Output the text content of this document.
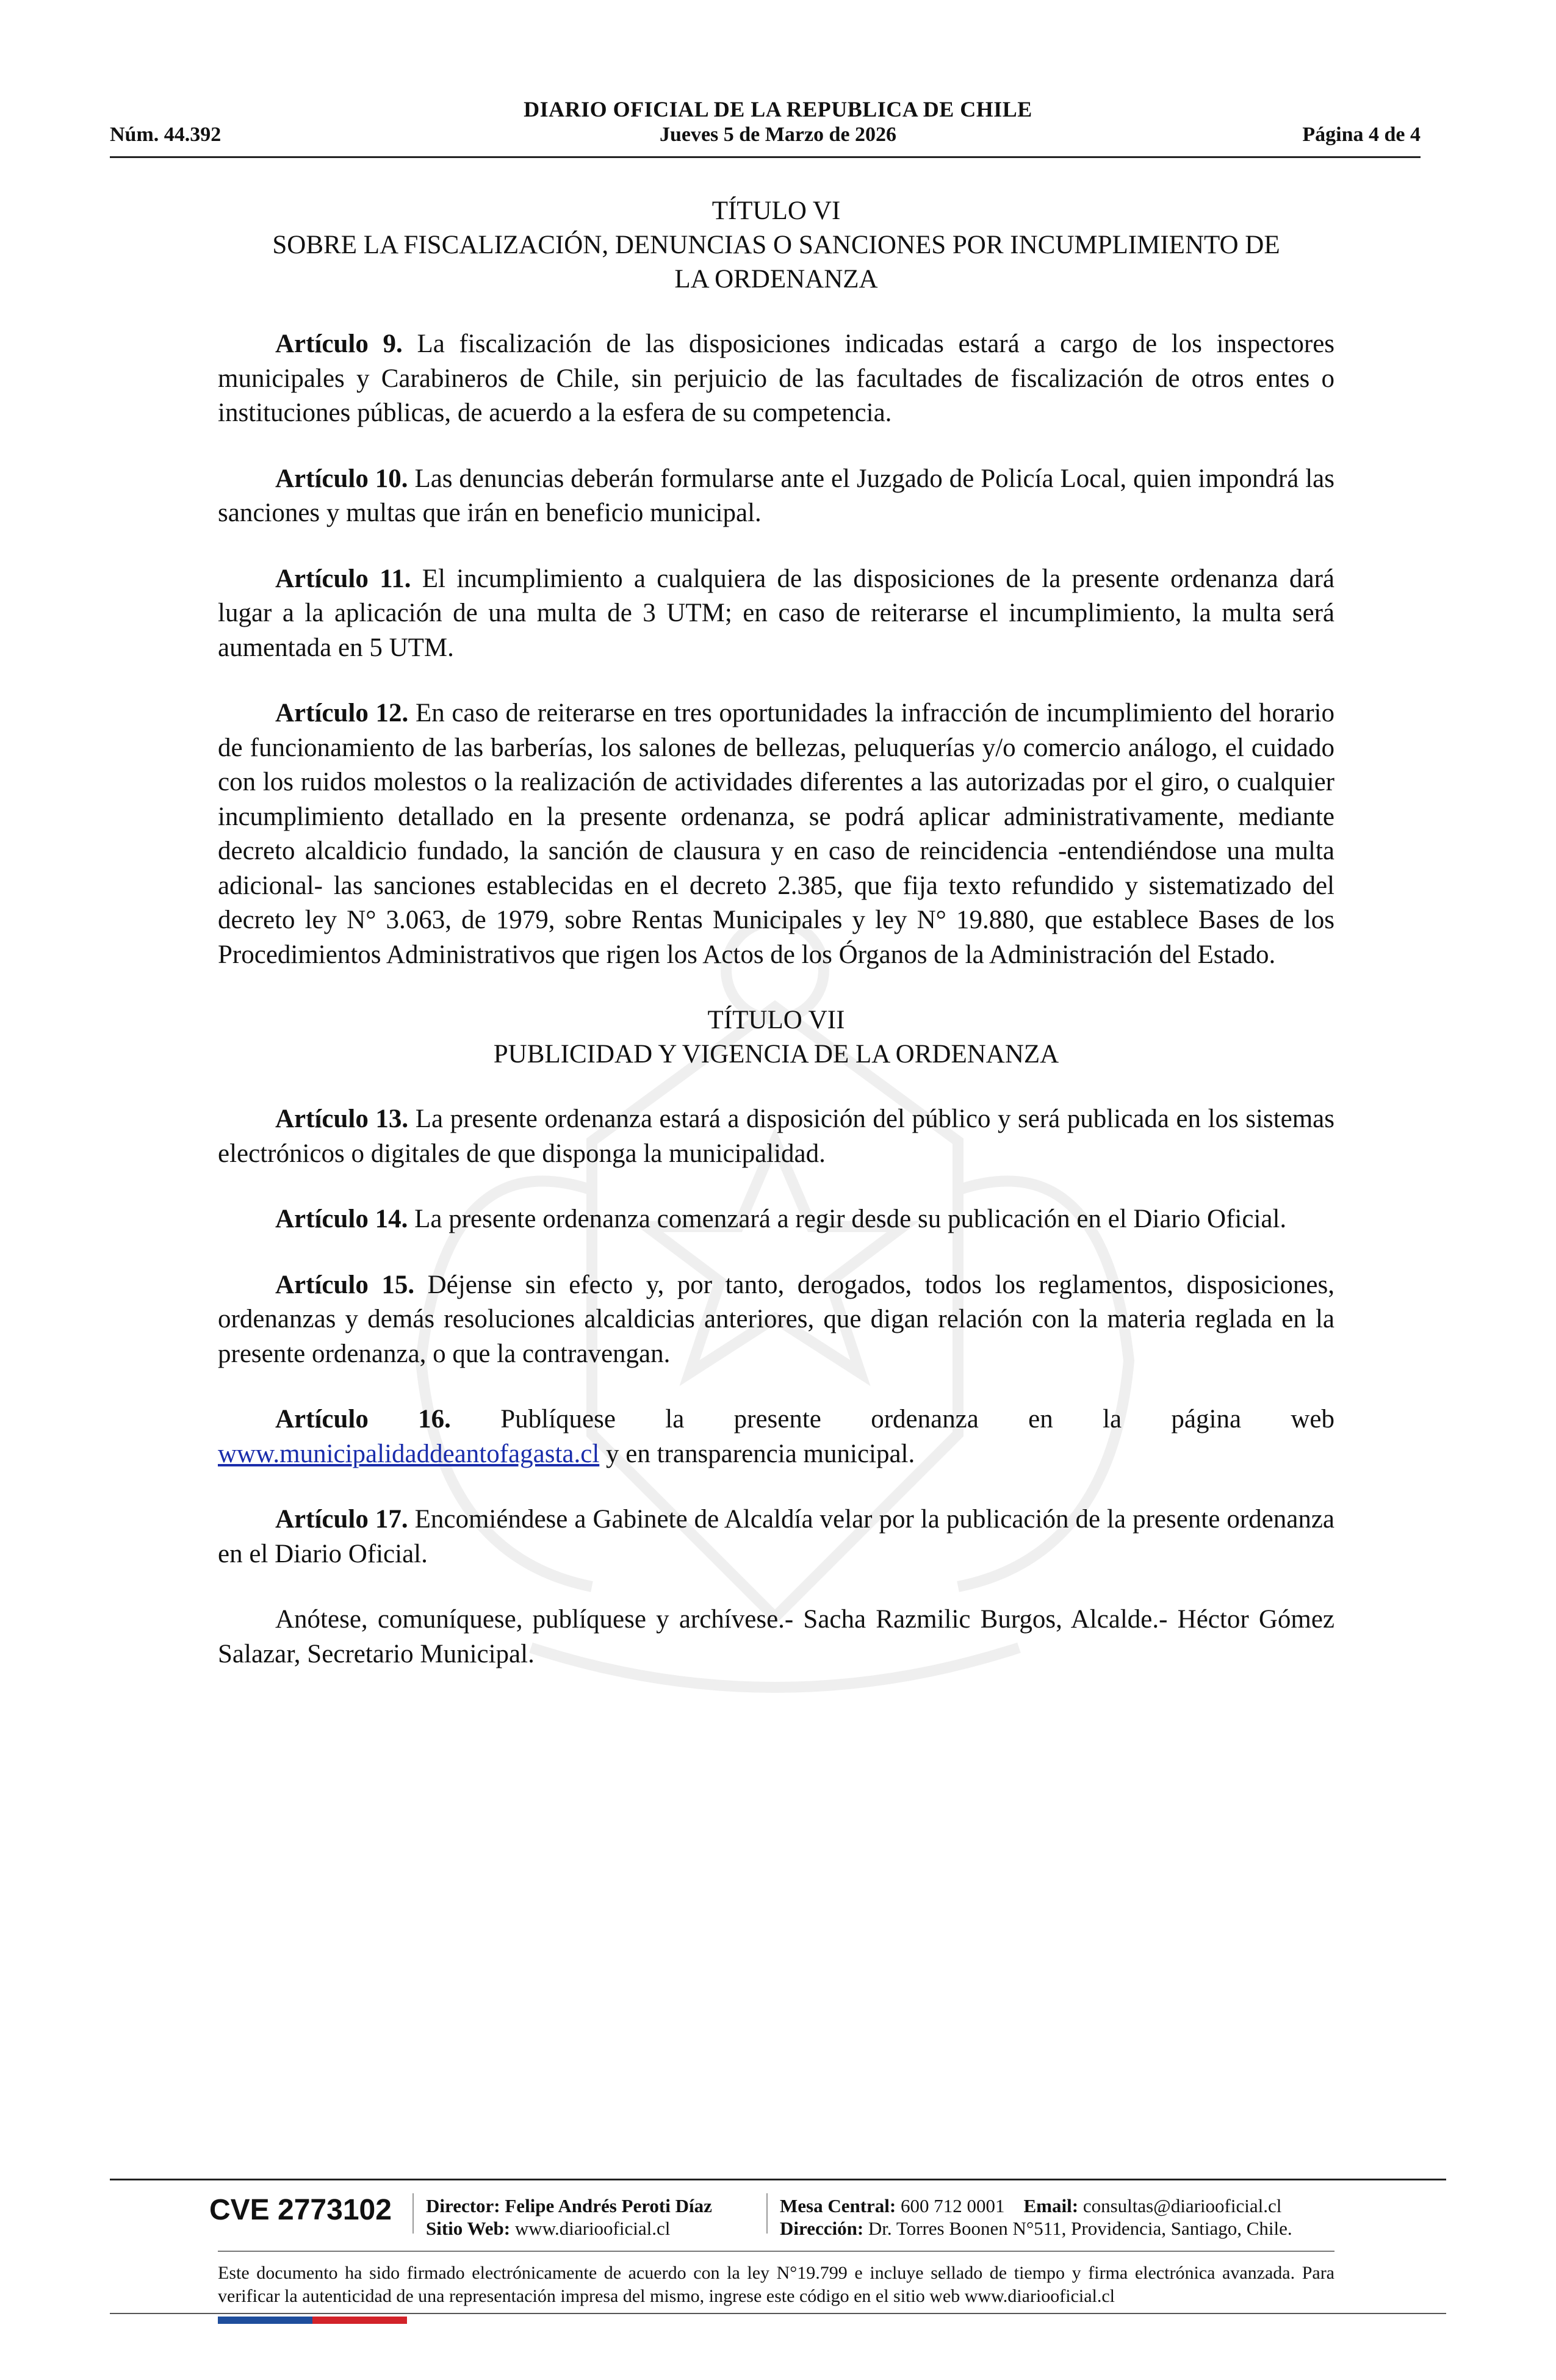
DIARIO OFICIAL DE LA REPUBLICA DE CHILE
Núm. 44.392	Jueves 5 de Marzo de 2026	Página 4 de 4
TÍTULO VI
SOBRE LA FISCALIZACIÓN, DENUNCIAS O SANCIONES POR INCUMPLIMIENTO DE
LA ORDENANZA

Artículo 9. La fiscalización de las disposiciones indicadas estará a cargo de los inspectores municipales y Carabineros de Chile, sin perjuicio de las facultades de fiscalización de otros entes o instituciones públicas, de acuerdo a la esfera de su competencia.

Artículo 10. Las denuncias deberán formularse ante el Juzgado de Policía Local, quien impondrá las sanciones y multas que irán en beneficio municipal.

Artículo 11. El incumplimiento a cualquiera de las disposiciones de la presente ordenanza dará lugar a la aplicación de una multa de 3 UTM; en caso de reiterarse el incumplimiento, la multa será aumentada en 5 UTM.

Artículo 12. En caso de reiterarse en tres oportunidades la infracción de incumplimiento del horario de funcionamiento de las barberías, los salones de bellezas, peluquerías y/o comercio análogo, el cuidado con los ruidos molestos o la realización de actividades diferentes a las autorizadas por el giro, o cualquier incumplimiento detallado en la presente ordenanza, se podrá aplicar administrativamente, mediante decreto alcaldicio fundado, la sanción de clausura y en caso de reincidencia -entendiéndose una multa adicional- las sanciones establecidas en el decreto 2.385, que fija texto refundido y sistematizado del decreto ley N° 3.063, de 1979, sobre Rentas Municipales y ley N° 19.880, que establece Bases de los Procedimientos Administrativos que rigen los Actos de los Órganos de la Administración del Estado.

TÍTULO VII
PUBLICIDAD Y VIGENCIA DE LA ORDENANZA

Artículo 13. La presente ordenanza estará a disposición del público y será publicada en los sistemas electrónicos o digitales de que disponga la municipalidad.

Artículo 14. La presente ordenanza comenzará a regir desde su publicación en el Diario Oficial.

Artículo 15. Déjense sin efecto y, por tanto, derogados, todos los reglamentos, disposiciones, ordenanzas y demás resoluciones alcaldicias anteriores, que digan relación con la materia reglada en la presente ordenanza, o que la contravengan.

Artículo 16. Publíquese la presente ordenanza en la página web www.municipalidaddeantofagasta.cl y en transparencia municipal.

Artículo 17. Encomiéndese a Gabinete de Alcaldía velar por la publicación de la presente ordenanza en el Diario Oficial.

Anótese, comuníquese, publíquese y archívese.- Sacha Razmilic Burgos, Alcalde.- Héctor Gómez Salazar, Secretario Municipal.

CVE 2773102 Director: Felipe Andrés Peroti Díaz
Sitio Web: www.diariooficial.cl
Mesa Central: 600 712 0001 Email: consultas@diariooficial.cl
Dirección: Dr. Torres Boonen N°511, Providencia, Santiago, Chile.
Este documento ha sido firmado electrónicamente de acuerdo con la ley N°19.799 e incluye sellado de tiempo y firma electrónica avanzada. Para verificar la autenticidad de una representación impresa del mismo, ingrese este código en el sitio web www.diariooficial.cl
